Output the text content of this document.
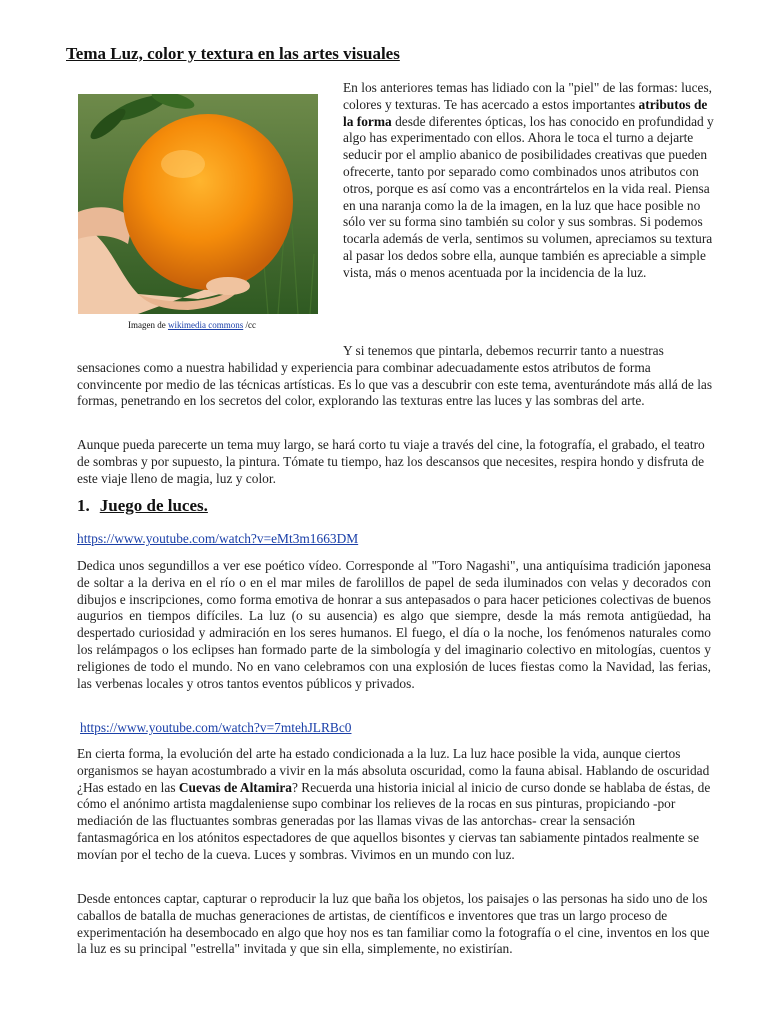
Tema Luz, color y textura en las artes visuales
Imagen de wikimedia commons /cc

En los anteriores temas has lidiado con la "piel" de las formas: luces, colores y texturas. Te has acercado a estos importantes atributos de la forma desde diferentes ópticas, los has conocido en profundidad y algo has experimentado con ellos. Ahora le toca el turno a dejarte seducir por el amplio abanico de posibilidades creativas que pueden ofrecerte, tanto por separado como combinados unos atributos con otros, porque es así como vas a encontrártelos en la vida real. Piensa en una naranja como la de la imagen, en la luz que hace posible no sólo ver su forma sino también su color y sus sombras. Si podemos tocarla además de verla, sentimos su volumen, apreciamos su textura al pasar los dedos sobre ella, aunque también es apreciable a simple vista, más o menos acentuada por la incidencia de la luz.

Y si tenemos que pintarla, debemos recurrir tanto a nuestras sensaciones como a nuestra habilidad y experiencia para combinar adecuadamente estos atributos de forma convincente por medio de las técnicas artísticas. Es lo que vas a descubrir con este tema, aventurándote más allá de las formas, penetrando en los secretos del color, explorando las texturas entre las luces y las sombras del arte.

Aunque pueda parecerte un tema muy largo, se hará corto tu viaje a través del cine, la fotografía, el grabado, el teatro de sombras y por supuesto, la pintura. Tómate tu tiempo, haz los descansos que necesites, respira hondo y disfruta de este viaje lleno de magia, luz y color.

1. Juego de luces.
https://www.youtube.com/watch?v=eMt3m1663DM

Dedica unos segundillos a ver ese poético vídeo. Corresponde al "Toro Nagashi", una antiquísima tradición japonesa de soltar a la deriva en el río o en el mar miles de farolillos de papel de seda iluminados con velas y decorados con dibujos e inscripciones, como forma emotiva de honrar a sus antepasados o para hacer peticiones colectivas de buenos augurios en tiempos difíciles. La luz (o su ausencia) es algo que siempre, desde la más remota antigüedad, ha despertado curiosidad y admiración en los seres humanos. El fuego, el día o la noche, los fenómenos naturales como los relámpagos o los eclipses han formado parte de la simbología y del imaginario colectivo en mitologías, cuentos y religiones de todo el mundo. No en vano celebramos con una explosión de luces fiestas como la Navidad, las ferias, las verbenas locales y otros tantos eventos públicos y privados.

https://www.youtube.com/watch?v=7mtehJLRBc0

En cierta forma, la evolución del arte ha estado condicionada a la luz. La luz hace posible la vida, aunque ciertos organismos se hayan acostumbrado a vivir en la más absoluta oscuridad, como la fauna abisal. Hablando de oscuridad ¿Has estado en las Cuevas de Altamira? Recuerda una historia inicial al inicio de curso donde se hablaba de éstas, de cómo el anónimo artista magdaleniense supo combinar los relieves de la rocas en sus pinturas, propiciando -por mediación de las fluctuantes sombras generadas por las llamas vivas de las antorchas- crear la sensación fantasmagórica en los atónitos espectadores de que aquellos bisontes y ciervas tan sabiamente pintados realmente se movían por el techo de la cueva. Luces y sombras. Vivimos en un mundo con luz.

Desde entonces captar, capturar o reproducir la luz que baña los objetos, los paisajes o las personas ha sido uno de los caballos de batalla de muchas generaciones de artistas, de científicos e inventores que tras un largo proceso de experimentación ha desembocado en algo que hoy nos es tan familiar como la fotografía o el cine, inventos en los que la luz es su principal "estrella" invitada y que sin ella, simplemente, no existirían.
